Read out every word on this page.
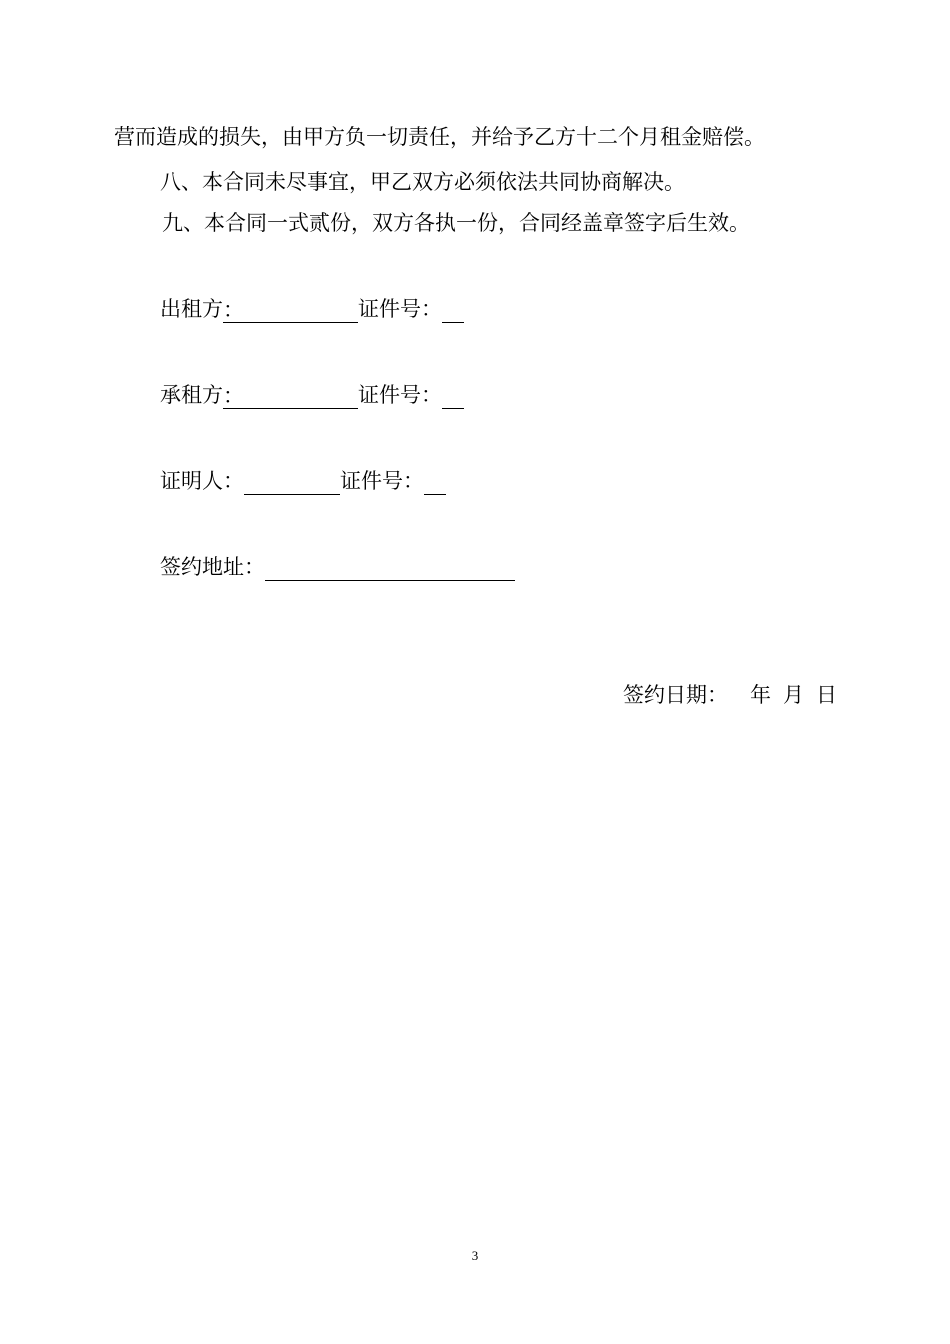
营而造成的损失，由甲方负一切责任，并给予乙方十二个月租金赔偿。
八、本合同未尽事宜，甲乙双方必须依法共同协商解决。
九、本合同一式贰份，双方各执一份，合同经盖章签字后生效。
出租方：	证件号：
承租方：	证件号：
证明人：	证件号：
签约地址：
签约日期： 年 月 日
3
